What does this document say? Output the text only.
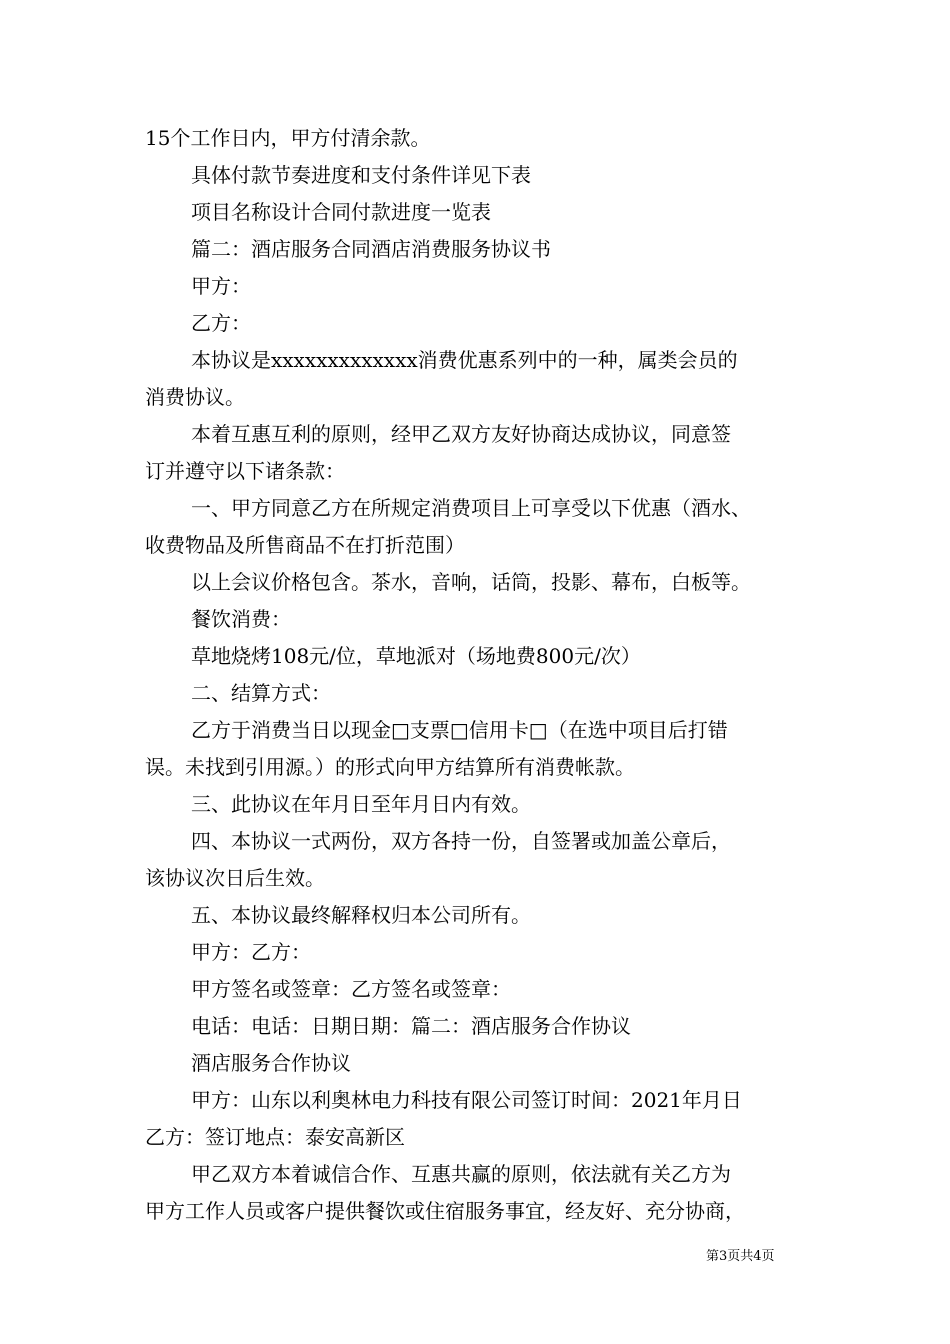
15个工作日内，甲方付清余款。

具体付款节奏进度和支付条件详见下表

项目名称设计合同付款进度一览表

篇二：酒店服务合同酒店消费服务协议书

甲方：

乙方：

本协议是xxxxxxxxxxxxx消费优惠系列中的一种，属类会员的

消费协议。

本着互惠互利的原则，经甲乙双方友好协商达成协议，同意签

订并遵守以下诸条款：

一、甲方同意乙方在所规定消费项目上可享受以下优惠（酒水、

收费物品及所售商品不在打折范围）

以上会议价格包含。茶水，音响，话筒，投影、幕布，白板等。

餐饮消费：

草地烧烤108元/位，草地派对（场地费800元/次）

二、结算方式：

乙方于消费当日以现金□支票□信用卡□（在选中项目后打错

误。未找到引用源。）的形式向甲方结算所有消费帐款。

三、此协议在年月日至年月日内有效。

四、本协议一式两份，双方各持一份，自签署或加盖公章后，

该协议次日后生效。

五、本协议最终解释权归本公司所有。

甲方：乙方：

甲方签名或签章：乙方签名或签章：

电话：电话：日期日期：篇二：酒店服务合作协议

酒店服务合作协议

甲方：山东以利奥林电力科技有限公司签订时间：2021年月日

乙方：签订地点：泰安高新区

甲乙双方本着诚信合作、互惠共赢的原则，依法就有关乙方为

甲方工作人员或客户提供餐饮或住宿服务事宜，经友好、充分协商，

第3页共4页
